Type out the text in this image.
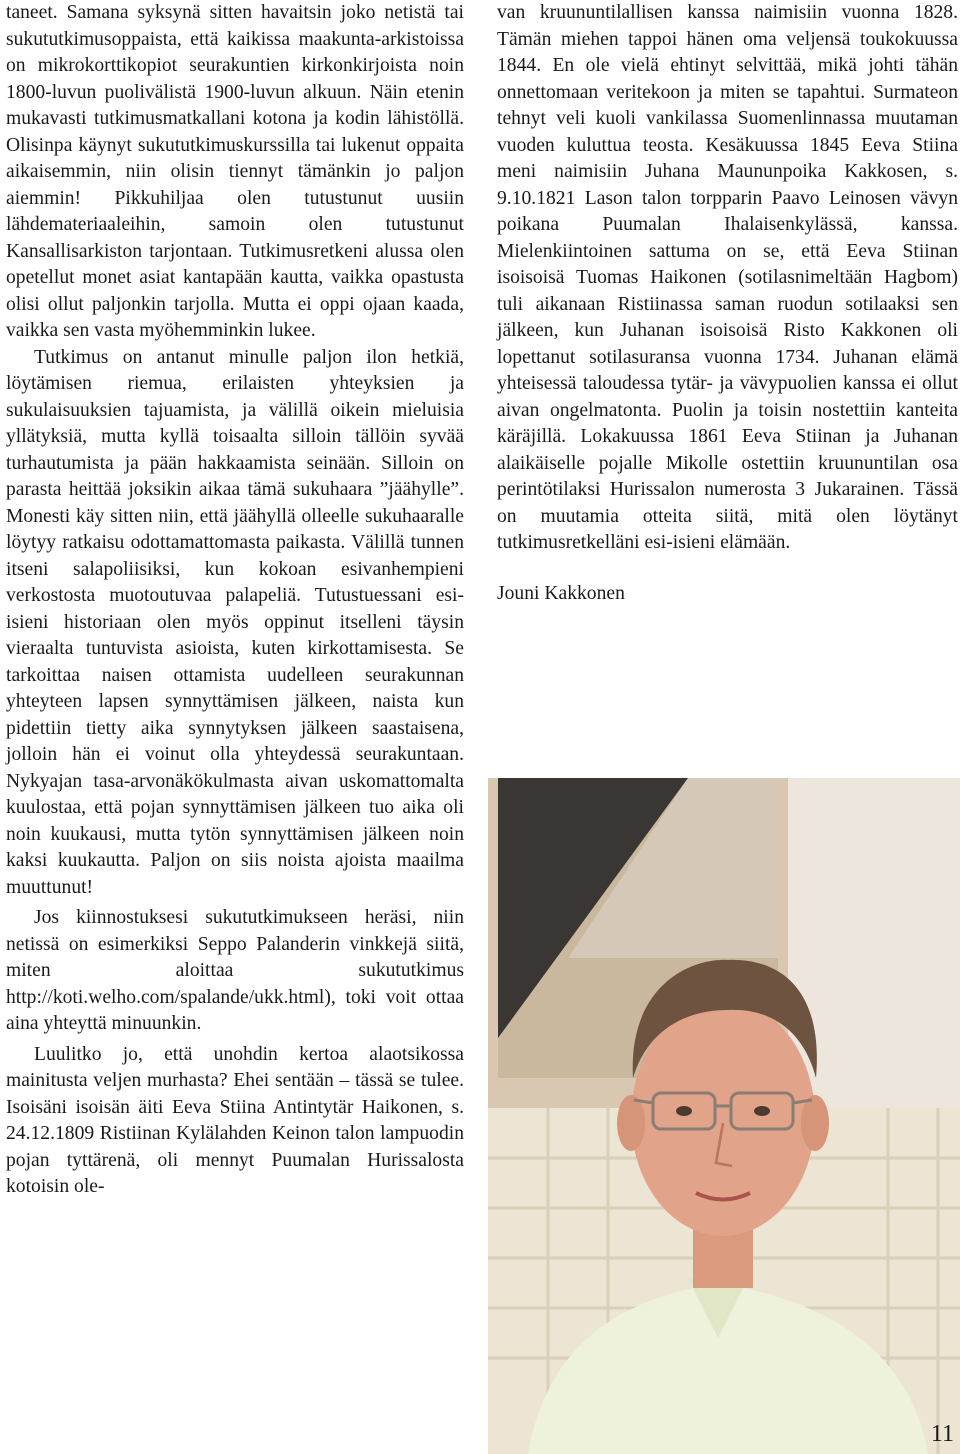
taneet. Samana syksynä sitten havaitsin joko netistä tai sukututkimusoppaista, että kaikissa maakunta-arkistoissa on mikrokorttikopiot seurakuntien kirkonkirjoista noin 1800-luvun puolivälistä 1900-luvun alkuun. Näin etenin mukavasti tutkimusmatkallani kotona ja kodin lähistöllä. Olisinpa käynyt sukututkimuskurssilla tai lukenut oppaita aikaisemmin, niin olisin tiennyt tämänkin jo paljon aiemmin! Pikkuhiljaa olen tutustunut uusiin lähdemateriaaleihin, samoin olen tutustunut Kansallisarkiston tarjontaan. Tutkimusretkeni alussa olen opetellut monet asiat kantapään kautta, vaikka opastusta olisi ollut paljonkin tarjolla. Mutta ei oppi ojaan kaada, vaikka sen vasta myöhemminkin lukee.

Tutkimus on antanut minulle paljon ilon hetkiä, löytämisen riemua, erilaisten yhteyksien ja sukulaisuuksien tajuamista, ja välillä oikein mieluisia yllätyksiä, mutta kyllä toisaalta silloin tällöin syvää turhautumista ja pään hakkaamista seinään. Silloin on parasta heittää joksikin aikaa tämä sukuhaara ”jäähylle”. Monesti käy sitten niin, että jäähyllä olleelle sukuhaaralle löytyy ratkaisu odottamattomasta paikasta. Välillä tunnen itseni salapoliisiksi, kun kokoan esivanhempieni verkostosta muotoutuvaa palapeliä. Tutustuessani esi-isieni historiaan olen myös oppinut itselleni täysin vieraalta tuntuvista asioista, kuten kirkottamisesta. Se tarkoittaa naisen ottamista uudelleen seurakunnan yhteyteen lapsen synnyttämisen jälkeen, naista kun pidettiin tietty aika synnytyksen jälkeen saastaisena, jolloin hän ei voinut olla yhteydessä seurakuntaan. Nykyajan tasa-arvonäkökulmasta aivan uskomattomalta kuulostaa, että pojan synnyttämisen jälkeen tuo aika oli noin kuukausi, mutta tytön synnyttämisen jälkeen noin kaksi kuukautta. Paljon on siis noista ajoista maailma muuttunut!

Jos kiinnostuksesi sukututkimukseen heräsi, niin netissä on esimerkiksi Seppo Palanderin vinkkejä siitä, miten aloittaa sukututkimus http://koti.welho.com/spalande/ukk.html), toki voit ottaa aina yhteyttä minuunkin.

Luulitko jo, että unohdin kertoa alaotsikossa mainitusta veljen murhasta? Ehei sentään – tässä se tulee. Isoisäni isoisän äiti Eeva Stiina Antintytär Haikonen, s. 24.12.1809 Ristiinan Kylälahden Keinon talon lampuodin pojan tyttärenä, oli mennyt Puumalan Hurissalosta kotoisin ole-

van kruununtilallisen kanssa naimisiin vuonna 1828. Tämän miehen tappoi hänen oma veljensä toukokuussa 1844. En ole vielä ehtinyt selvittää, mikä johti tähän onnettomaan veritekoon ja miten se tapahtui. Surmateon tehnyt veli kuoli vankilassa Suomenlinnassa muutaman vuoden kuluttua teosta. Kesäkuussa 1845 Eeva Stiina meni naimisiin Juhana Maununpoika Kakkosen, s. 9.10.1821 Lason talon torpparin Paavo Leinosen vävyn poikana Puumalan Ihalaisenkylässä, kanssa. Mielenkiintoinen sattuma on se, että Eeva Stiinan isoisoisä Tuomas Haikonen (sotilasnimeltään Hagbom) tuli aikanaan Ristiinassa saman ruodun sotilaaksi sen jälkeen, kun Juhanan isoisoisä Risto Kakkonen oli lopettanut sotilasuransa vuonna 1734. Juhanan elämä yhteisessä taloudessa tytär- ja vävypuolien kanssa ei ollut aivan ongelmatonta. Puolin ja toisin nostettiin kanteita käräjillä. Lokakuussa 1861 Eeva Stiinan ja Juhanan alaikäiselle pojalle Mikolle ostettiin kruununtilan osa perintötilaksi Hurissalon numerosta 3 Jukarainen. Tässä on muutamia otteita siitä, mitä olen löytänyt tutkimusretkelläni esi-isieni elämään.

Jouni Kakkonen

11
